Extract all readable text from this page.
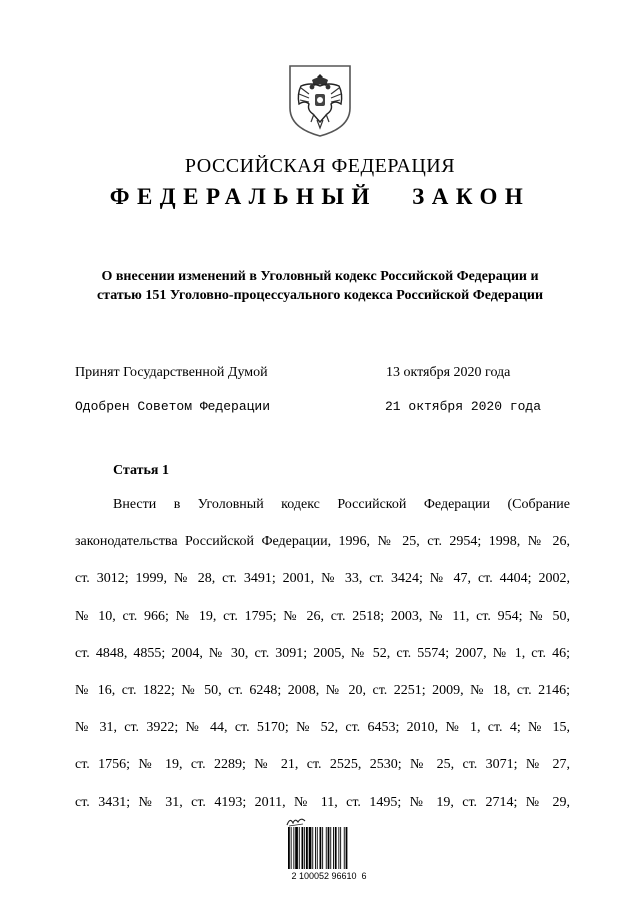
РОССИЙСКАЯ ФЕДЕРАЦИЯ
ФЕДЕРАЛЬНЫЙ ЗАКОН
О внесении изменений в Уголовный кодекс Российской Федерации и
статью 151 Уголовно-процессуального кодекса Российской Федерации
Принят Государственной Думой	13 октября 2020 года
Одобрен Советом Федерации	21 октября 2020 года
Статья 1
Внести в Уголовный кодекс Российской Федерации (Собрание
законодательства Российской Федерации, 1996, № 25, ст. 2954; 1998, № 26,
ст. 3012; 1999, № 28, ст. 3491; 2001, № 33, ст. 3424; № 47, ст. 4404; 2002,
№ 10, ст. 966; № 19, ст. 1795; № 26, ст. 2518; 2003, № 11, ст. 954; № 50,
ст. 4848, 4855; 2004, № 30, ст. 3091; 2005, № 52, ст. 5574; 2007, № 1, ст. 46;
№ 16, ст. 1822; № 50, ст. 6248; 2008, № 20, ст. 2251; 2009, № 18, ст. 2146;
№ 31, ст. 3922; № 44, ст. 5170; № 52, ст. 6453; 2010, № 1, ст. 4; № 15,
ст. 1756; № 19, ст. 2289; № 21, ст. 2525, 2530; № 25, ст. 3071; № 27,
ст. 3431; № 31, ст. 4193; 2011, № 11, ст. 1495; № 19, ст. 2714; № 29,
2 100052 96610  6
